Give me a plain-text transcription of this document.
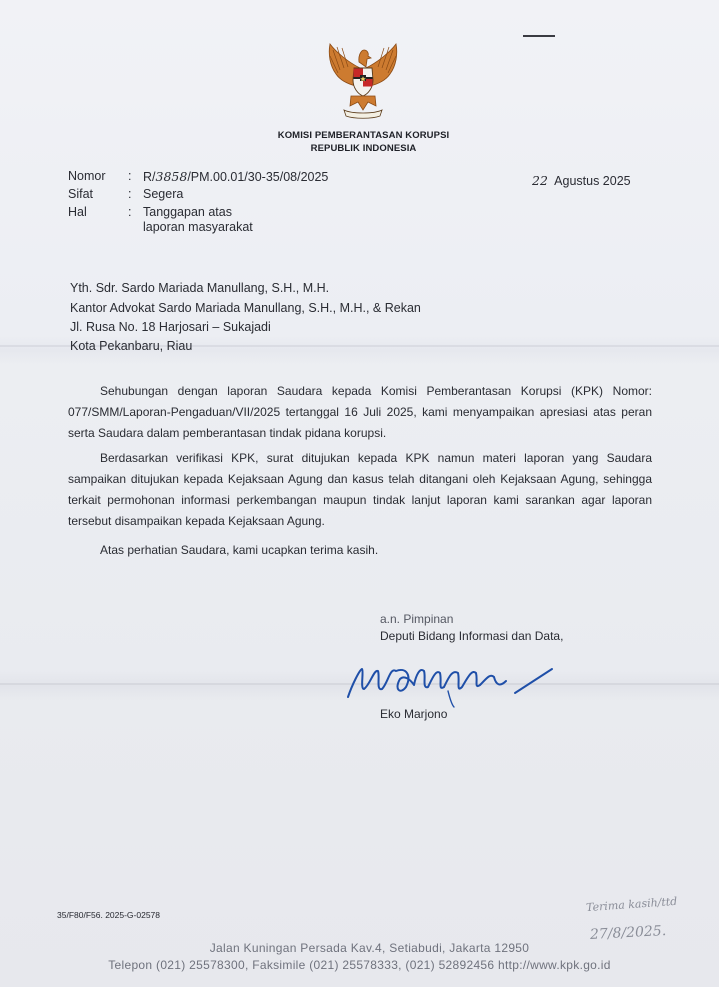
KOMISI PEMBERANTASAN KORUPSI
REPUBLIK INDONESIA
Nomor : R/3858/PM.00.01/30-35/08/2025
Sifat	: Segera
Hal	: Tanggapan atas
laporan masyarakat
22 Agustus 2025
Yth. Sdr. Sardo Mariada Manullang, S.H., M.H.
Kantor Advokat Sardo Mariada Manullang, S.H., M.H., & Rekan
Jl. Rusa No. 18 Harjosari – Sukajadi
Kota Pekanbaru, Riau
Sehubungan dengan laporan Saudara kepada Komisi Pemberantasan Korupsi (KPK) Nomor: 077/SMM/Laporan-Pengaduan/VII/2025 tertanggal 16 Juli 2025, kami menyampaikan apresiasi atas peran serta Saudara dalam pemberantasan tindak pidana korupsi.
Berdasarkan verifikasi KPK, surat ditujukan kepada KPK namun materi laporan yang Saudara sampaikan ditujukan kepada Kejaksaan Agung dan kasus telah ditangani oleh Kejaksaan Agung, sehingga terkait permohonan informasi perkembangan maupun tindak lanjut laporan kami sarankan agar laporan tersebut disampaikan kepada Kejaksaan Agung.
Atas perhatian Saudara, kami ucapkan terima kasih.
a.n. Pimpinan
Deputi Bidang Informasi dan Data,
Eko Marjono
35/F80/F56. 2025-G-02578
Terima kasih/ttd
27/8/2025.
Jalan Kuningan Persada Kav.4, Setiabudi, Jakarta 12950
Telepon (021) 25578300, Faksimile (021) 25578333, (021) 52892456 http://www.kpk.go.id
